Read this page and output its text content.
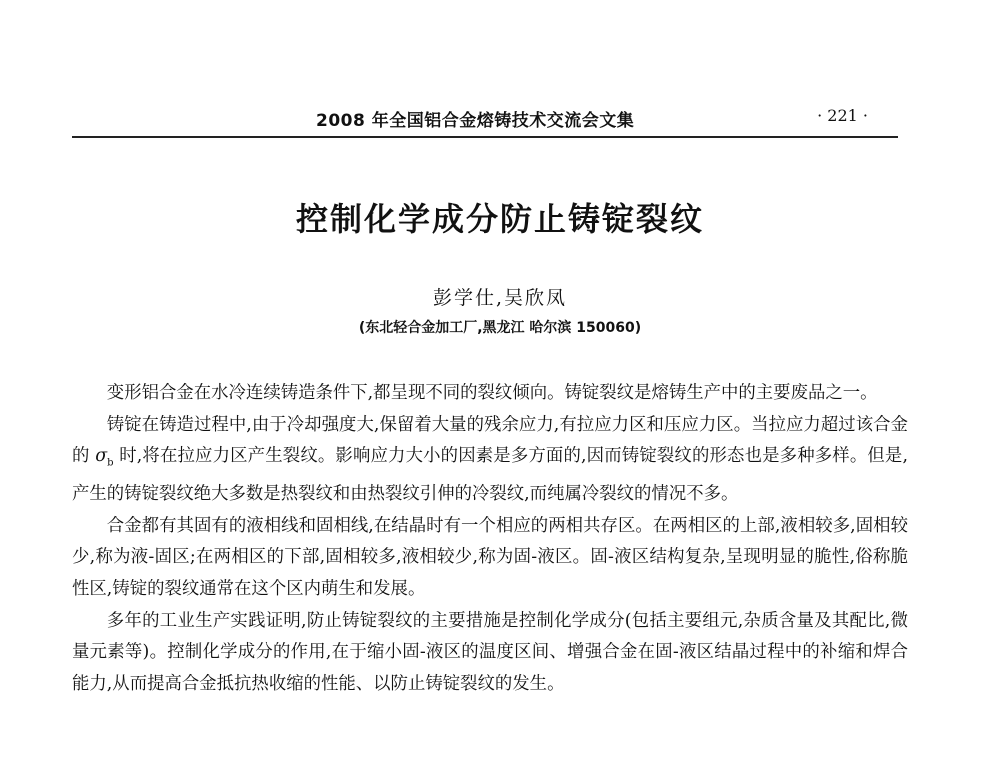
2008 年全国铝合金熔铸技术交流会文集	· 221 ·
控制化学成分防止铸锭裂纹
彭学仕,吴欣凤
(东北轻合金加工厂,黑龙江 哈尔滨 150060)

变形铝合金在水冷连续铸造条件下,都呈现不同的裂纹倾向。铸锭裂纹是熔铸生产中的主要废品之一。

铸锭在铸造过程中,由于冷却强度大,保留着大量的残余应力,有拉应力区和压应力区。当拉应力超过该合金的 $\sigma_b$ 时,将在拉应力区产生裂纹。影响应力大小的因素是多方面的,因而铸锭裂纹的形态也是多种多样。但是,产生的铸锭裂纹绝大多数是热裂纹和由热裂纹引伸的冷裂纹,而纯属冷裂纹的情况不多。

合金都有其固有的液相线和固相线,在结晶时有一个相应的两相共存区。在两相区的上部,液相较多,固相较少,称为液-固区;在两相区的下部,固相较多,液相较少,称为固-液区。固-液区结构复杂,呈现明显的脆性,俗称脆性区,铸锭的裂纹通常在这个区内萌生和发展。

多年的工业生产实践证明,防止铸锭裂纹的主要措施是控制化学成分(包括主要组元,杂质含量及其配比,微量元素等)。控制化学成分的作用,在于缩小固-液区的温度区间、增强合金在固-液区结晶过程中的补缩和焊合能力,从而提高合金抵抗热收缩的性能、以防止铸锭裂纹的发生。
